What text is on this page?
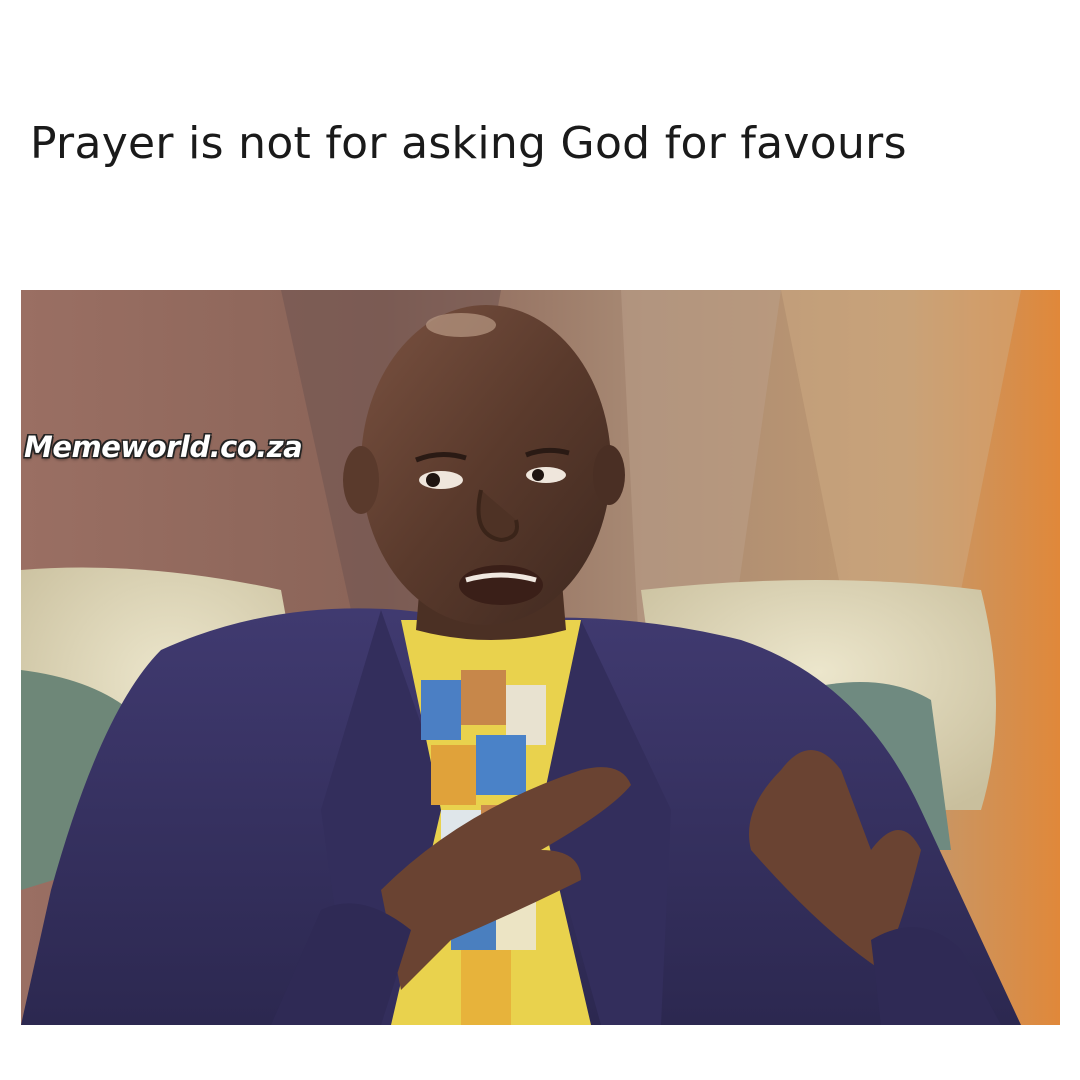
Prayer is not for asking God for favours
Memeworld.co.za
